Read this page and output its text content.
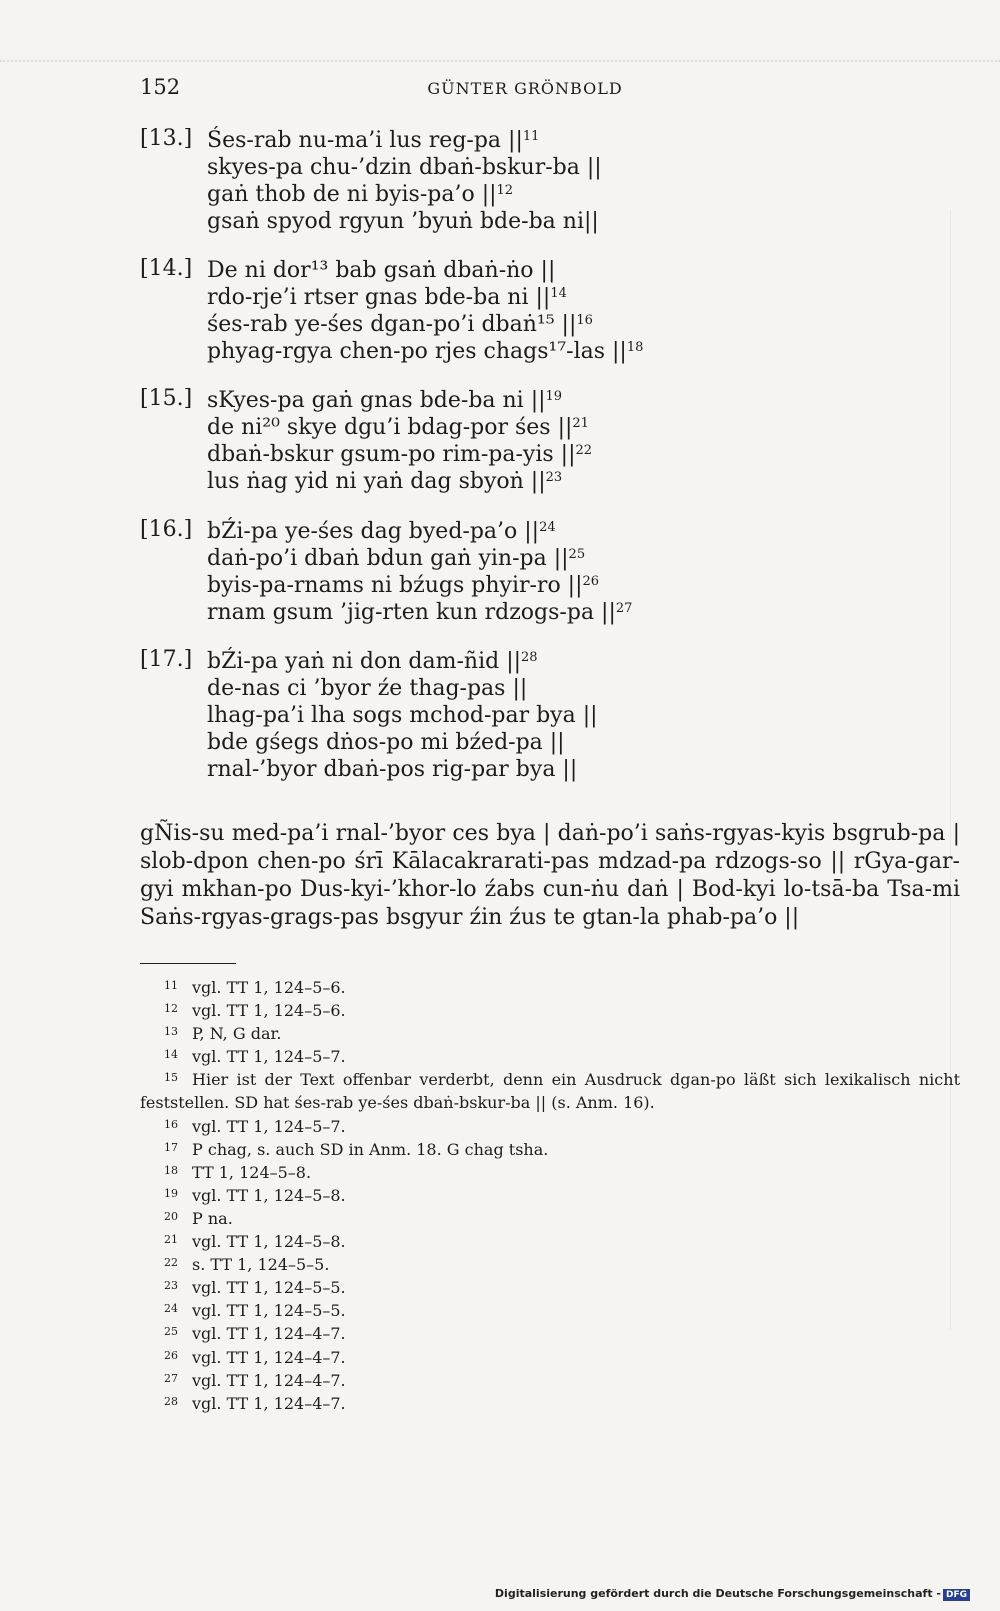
152	GÜNTER GRÖNBOLD
[13.] Śes-rab nu-ma’i lus reg-pa $||^{11}$
skyes-pa chu-’dzin dbaṅ-bskur-ba ||
gaṅ thob de ni byis-pa’o $||^{12}$
gsaṅ spyod rgyun ’byuṅ bde-ba ni||
[14.] De ni dor¹³ bab gsaṅ dbaṅ-ṅo ||
rdo-rje’i rtser gnas bde-ba ni $||^{14}$
śes-rab ye-śes dgan-po’i dbaṅ¹⁵ $||^{16}$
phyag-rgya chen-po rjes chags¹⁷-las $||^{18}$
[15.] sKyes-pa gaṅ gnas bde-ba ni $||^{19}$
de ni²⁰ skye dgu’i bdag-por śes $||^{21}$
dbaṅ-bskur gsum-po rim-pa-yis $||^{22}$
lus ṅag yid ni yaṅ dag sbyoṅ $||^{23}$
[16.] bŹi-pa ye-śes dag byed-pa’o $||^{24}$
daṅ-po’i dbaṅ bdun gaṅ yin-pa $||^{25}$
byis-pa-rnams ni bźugs phyir-ro $||^{26}$
rnam gsum ’jig-rten kun rdzogs-pa $||^{27}$
[17.] bŹi-pa yaṅ ni don dam-ñid $||^{28}$
de-nas ci ’byor źe thag-pas ||
lhag-pa’i lha sogs mchod-par bya ||
bde gśegs dṅos-po mi bźed-pa ||
rnal-’byor dbaṅ-pos rig-par bya ||

gÑis-su med-pa’i rnal-’byor ces bya | daṅ-po’i saṅs-rgyas-kyis bsgrub-pa | slob-dpon chen-po śrī Kālacakrarati-pas mdzad-pa rdzogs-so || rGya-gar-gyi mkhan-po Dus-kyi-’khor-lo źabs cun-ṅu daṅ | Bod-kyi lo-tsā-ba Tsa-mi Saṅs-rgyas-grags-pas bsgyur źin źus te gtan-la phab-pa’o ||

11 vgl. TT 1, 124–5–6.
12 vgl. TT 1, 124–5–6.
13 P, N, G dar.
14 vgl. TT 1, 124–5–7.
15 Hier ist der Text offenbar verderbt, denn ein Ausdruck dgan-po läßt sich lexikalisch nicht feststellen. SD hat śes-rab ye-śes dbaṅ-bskur-ba || (s. Anm. 16).
16 vgl. TT 1, 124–5–7.
17 P chag, s. auch SD in Anm. 18. G chag tsha.
18 TT 1, 124–5–8.
19 vgl. TT 1, 124–5–8.
20 P na.
21 vgl. TT 1, 124–5–8.
22 s. TT 1, 124–5–5.
23 vgl. TT 1, 124–5–5.
24 vgl. TT 1, 124–5–5.
25 vgl. TT 1, 124–4–7.
26 vgl. TT 1, 124–4–7.
27 vgl. TT 1, 124–4–7.
28 vgl. TT 1, 124–4–7.
Digitalisierung gefördert durch die Deutsche Forschungsgemeinschaft - DFG
